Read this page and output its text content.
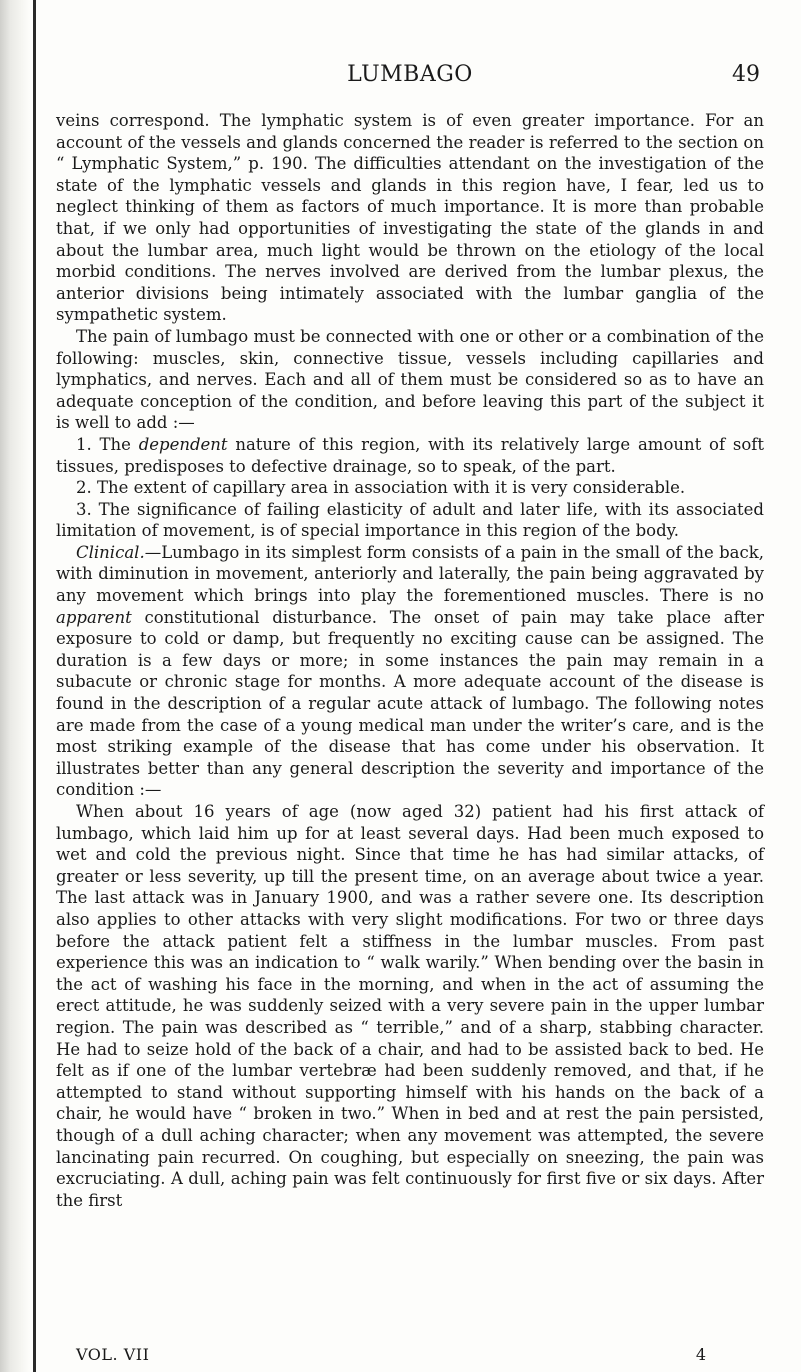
LUMBAGO	49

veins correspond. The lymphatic system is of even greater importance. For an account of the vessels and glands concerned the reader is referred to the section on “ Lymphatic System,” p. 190. The difficulties attendant on the investigation of the state of the lymphatic vessels and glands in this region have, I fear, led us to neglect thinking of them as factors of much importance. It is more than probable that, if we only had opportunities of investigating the state of the glands in and about the lumbar area, much light would be thrown on the etiology of the local morbid conditions. The nerves involved are derived from the lumbar plexus, the anterior divisions being intimately associated with the lumbar ganglia of the sympathetic system.

The pain of lumbago must be connected with one or other or a combination of the following: muscles, skin, connective tissue, vessels including capillaries and lymphatics, and nerves. Each and all of them must be considered so as to have an adequate conception of the condition, and before leaving this part of the subject it is well to add :—

1. The dependent nature of this region, with its relatively large amount of soft tissues, predisposes to defective drainage, so to speak, of the part.

2. The extent of capillary area in association with it is very considerable.

3. The significance of failing elasticity of adult and later life, with its associated limitation of movement, is of special importance in this region of the body.

Clinical.—Lumbago in its simplest form consists of a pain in the small of the back, with diminution in movement, anteriorly and laterally, the pain being aggravated by any movement which brings into play the forementioned muscles. There is no apparent constitutional disturbance. The onset of pain may take place after exposure to cold or damp, but frequently no exciting cause can be assigned. The duration is a few days or more; in some instances the pain may remain in a subacute or chronic stage for months. A more adequate account of the disease is found in the description of a regular acute attack of lumbago. The following notes are made from the case of a young medical man under the writer’s care, and is the most striking example of the disease that has come under his observation. It illustrates better than any general description the severity and importance of the condition :—

When about 16 years of age (now aged 32) patient had his first attack of lumbago, which laid him up for at least several days. Had been much exposed to wet and cold the previous night. Since that time he has had similar attacks, of greater or less severity, up till the present time, on an average about twice a year. The last attack was in January 1900, and was a rather severe one. Its description also applies to other attacks with very slight modifications. For two or three days before the attack patient felt a stiffness in the lumbar muscles. From past experience this was an indication to “ walk warily.” When bending over the basin in the act of washing his face in the morning, and when in the act of assuming the erect attitude, he was suddenly seized with a very severe pain in the upper lumbar region. The pain was described as “ terrible,” and of a sharp, stabbing character. He had to seize hold of the back of a chair, and had to be assisted back to bed. He felt as if one of the lumbar vertebræ had been suddenly removed, and that, if he attempted to stand without supporting himself with his hands on the back of a chair, he would have “ broken in two.” When in bed and at rest the pain persisted, though of a dull aching character; when any movement was attempted, the severe lancinating pain recurred. On coughing, but especially on sneezing, the pain was excruciating. A dull, aching pain was felt continuously for first five or six days. After the first

VOL. VII	4
